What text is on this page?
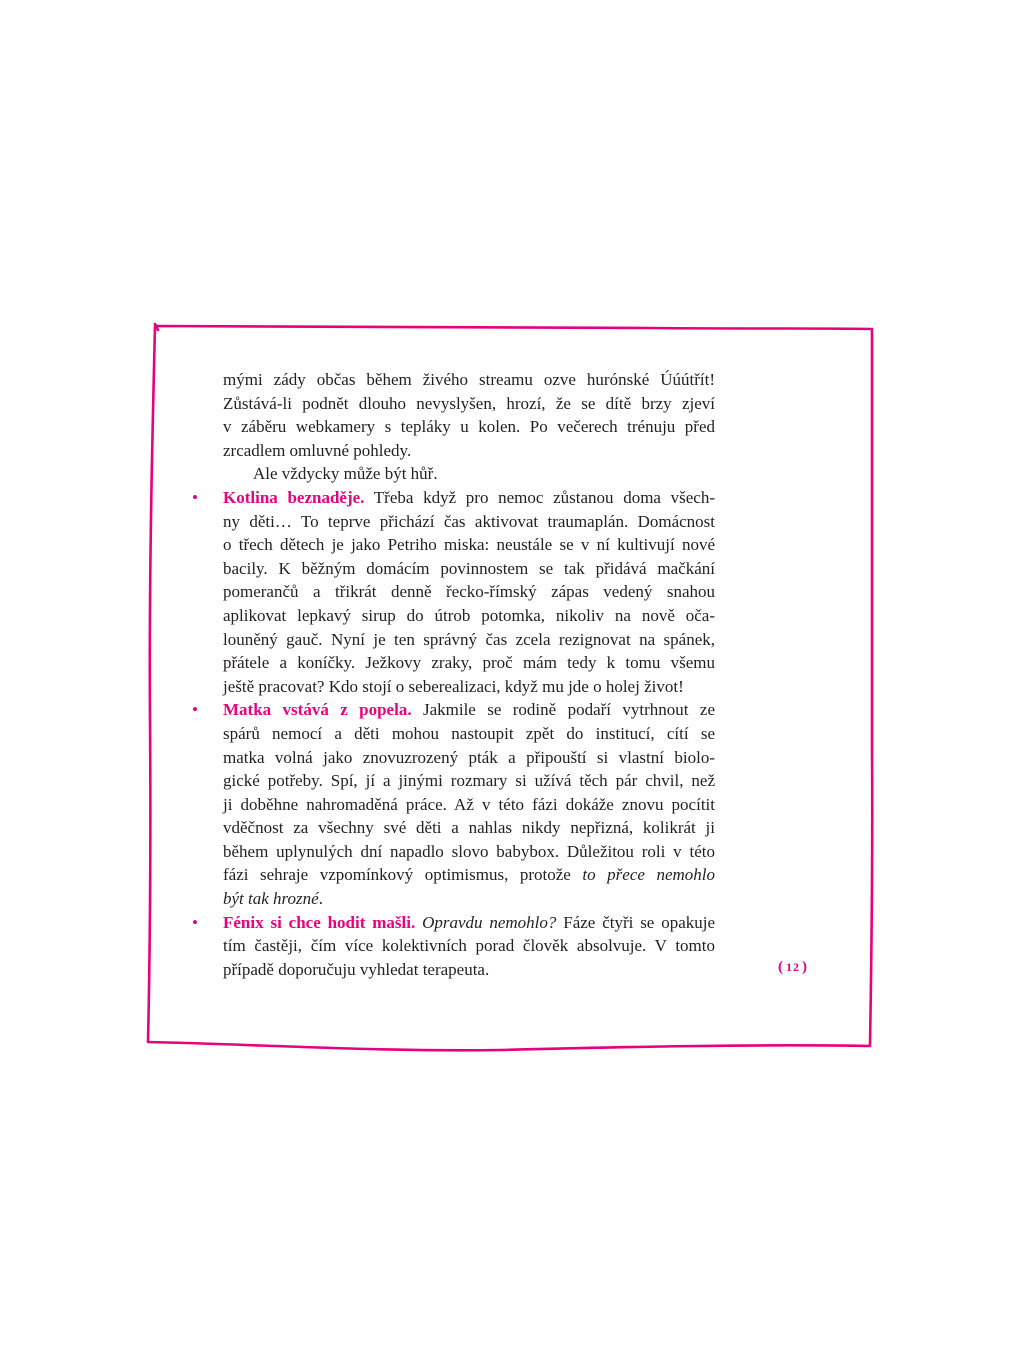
mými zády občas během živého streamu ozve hurónské Úúútřít!
Zůstává-li podnět dlouho nevyslyšen, hrozí, že se dítě brzy zjeví
v záběru webkamery s tepláky u kolen. Po večerech trénuju před
zrcadlem omluvné pohledy.
Ale vždycky může být hůř.
• Kotlina beznaděje. Třeba když pro nemoc zůstanou doma všech-
ny děti… To teprve přichází čas aktivovat traumaplán. Domácnost
o třech dětech je jako Petriho miska: neustále se v ní kultivují nové
bacily. K běžným domácím povinnostem se tak přidává mačkání
pomerančů a třikrát denně řecko-římský zápas vedený snahou
aplikovat lepkavý sirup do útrob potomka, nikoliv na nově oča-
louněný gauč. Nyní je ten správný čas zcela rezignovat na spánek,
přátele a koníčky. Ježkovy zraky, proč mám tedy k tomu všemu
ještě pracovat? Kdo stojí o seberealizaci, když mu jde o holej život!
• Matka vstává z popela. Jakmile se rodině podaří vytrhnout ze
spárů nemocí a děti mohou nastoupit zpět do institucí, cítí se
matka volná jako znovuzrozený pták a připouští si vlastní biolo-
gické potřeby. Spí, jí a jinými rozmary si užívá těch pár chvil, než
ji doběhne nahromaděná práce. Až v této fázi dokáže znovu pocítit
vděčnost za všechny své děti a nahlas nikdy nepřizná, kolikrát ji
během uplynulých dní napadlo slovo babybox. Důležitou roli v této
fázi sehraje vzpomínkový optimismus, protože to přece nemohlo
být tak hrozné.
• Fénix si chce hodit mašli. Opravdu nemohlo? Fáze čtyři se opakuje
tím častěji, čím více kolektivních porad člověk absolvuje. V tomto
případě doporučuju vyhledat terapeuta.	( 12 )
